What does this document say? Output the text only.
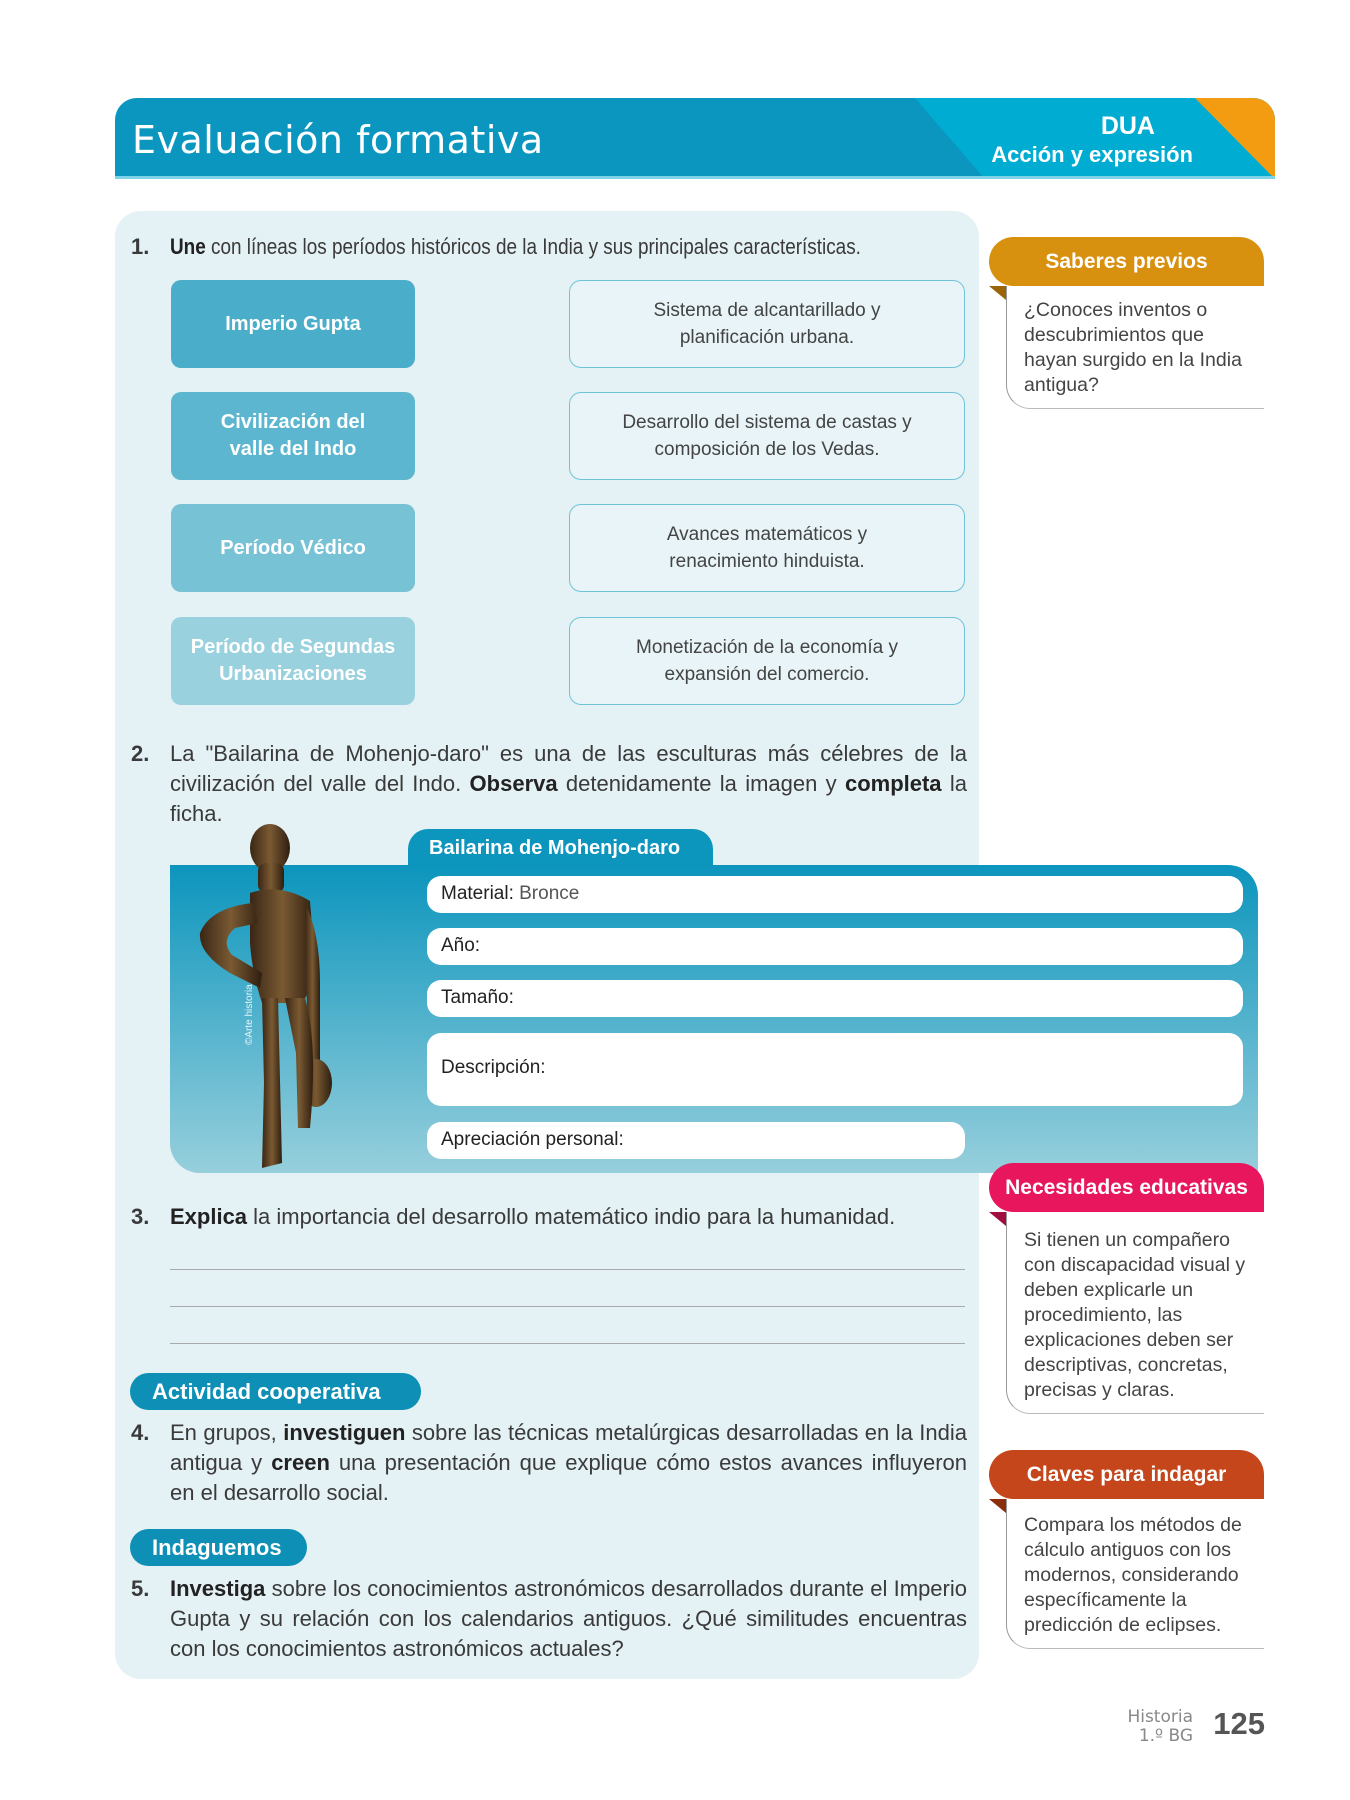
Evaluación formativa	DUA
Acción y expresión
1. Une con líneas los períodos históricos de la India y sus principales características.
Imperio Gupta
Civilización del valle del Indo
Período Védico
Período de Segundas Urbanizaciones
Sistema de alcantarillado y planificación urbana.
Desarrollo del sistema de castas y composición de los Vedas.
Avances matemáticos y renacimiento hinduista.
Monetización de la economía y expansión del comercio.
2. La "Bailarina de Mohenjo-daro" es una de las esculturas más célebres de la civilización del valle del Indo. Observa detenidamente la imagen y completa la ficha.
Bailarina de Mohenjo-daro
©Arte historia
Material: Bronce
Año:
Tamaño:
Descripción:
Apreciación personal:
3. Explica la importancia del desarrollo matemático indio para la humanidad.
Actividad cooperativa
4. En grupos, investiguen sobre las técnicas metalúrgicas desarrolladas en la India antigua y creen una presentación que explique cómo estos avances influyeron en el desarrollo social.
Indaguemos
5. Investiga sobre los conocimientos astronómicos desarrollados durante el Imperio Gupta y su relación con los calendarios antiguos. ¿Qué similitudes encuentras con los conocimientos astronómicos actuales?
Saberes previos
¿Conoces inventos o descubrimientos que hayan surgido en la India antigua?
Necesidades educativas
Si tienen un compañero con discapacidad visual y deben explicarle un procedimiento, las explicaciones deben ser descriptivas, concretas, precisas y claras.
Claves para indagar
Compara los métodos de cálculo antiguos con los modernos, considerando específicamente la predicción de eclipses.
Historia
1.º BG 125
